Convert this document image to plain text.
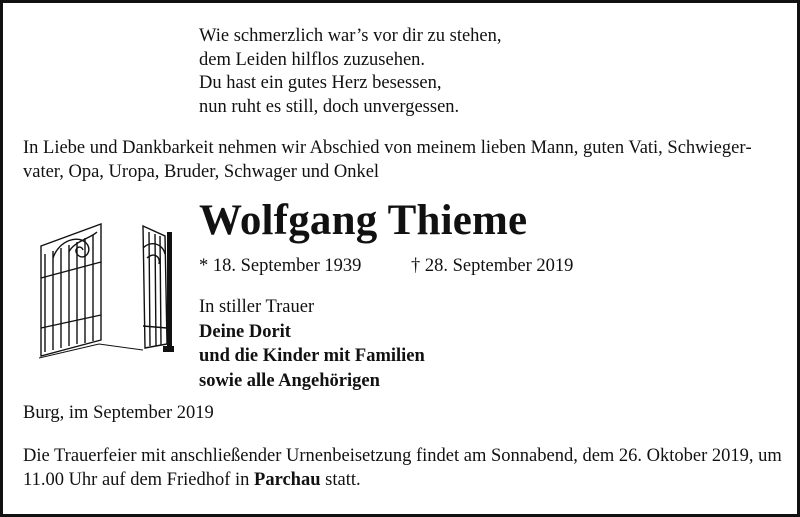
Wie schmerzlich war’s vor dir zu stehen,
dem Leiden hilflos zuzusehen.
Du hast ein gutes Herz besessen,
nun ruht es still, doch unvergessen.
In Liebe und Dankbarkeit nehmen wir Abschied von meinem lieben Mann, guten Vati, Schwiegervater, Opa, Uropa, Bruder, Schwager und Onkel
Wolfgang Thieme
* 18. September 1939	† 28. September 2019
In stiller Trauer
Deine Dorit
und die Kinder mit Familien
sowie alle Angehörigen
Burg, im September 2019
Die Trauerfeier mit anschließender Urnenbeisetzung findet am Sonnabend, dem 26. Oktober 2019, um 11.00 Uhr auf dem Friedhof in Parchau statt.
